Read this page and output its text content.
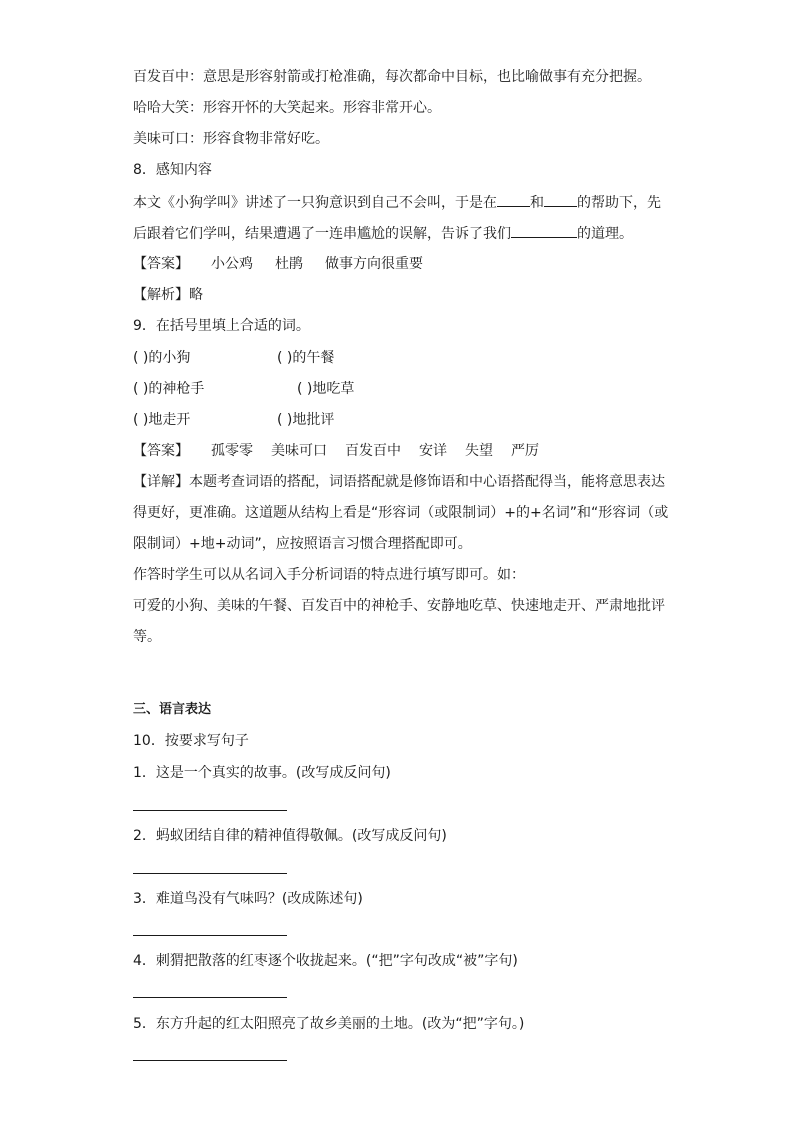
百发百中：意思是形容射箭或打枪准确，每次都命中目标，也比喻做事有充分把握。
哈哈大笑：形容开怀的大笑起来。形容非常开心。
美味可口：形容食物非常好吃。
8．感知内容
本文《小狗学叫》讲述了一只狗意识到自己不会叫，于是在 和 的帮助下，先
后跟着它们学叫，结果遭遇了一连串尴尬的误解，告诉了我们	的道理。
【答案】 小公鸡 杜鹃 做事方向很重要
【解析】略
9．在括号里填上合适的词。
( )的小狗	( )的午餐
( )的神枪手	( )地吃草
( )地走开	( )地批评
【答案】 孤零零 美味可口 百发百中 安详 失望 严厉
【详解】本题考查词语的搭配，词语搭配就是修饰语和中心语搭配得当，能将意思表达
得更好，更准确。这道题从结构上看是“形容词（或限制词）+的+名词”和“形容词（或
限制词）+地+动词”，应按照语言习惯合理搭配即可。
作答时学生可以从名词入手分析词语的特点进行填写即可。如：
可爱的小狗、美味的午餐、百发百中的神枪手、安静地吃草、快速地走开、严肃地批评
等。
三、语言表达
10．按要求写句子
1．这是一个真实的故事。(改写成反问句)
2．蚂蚁团结自律的精神值得敬佩。(改写成反问句)
3．难道鸟没有气味吗？(改成陈述句)
4．刺猬把散落的红枣逐个收拢起来。(“把”字句改成“被”字句)
5．东方升起的红太阳照亮了故乡美丽的土地。(改为“把”字句。)
